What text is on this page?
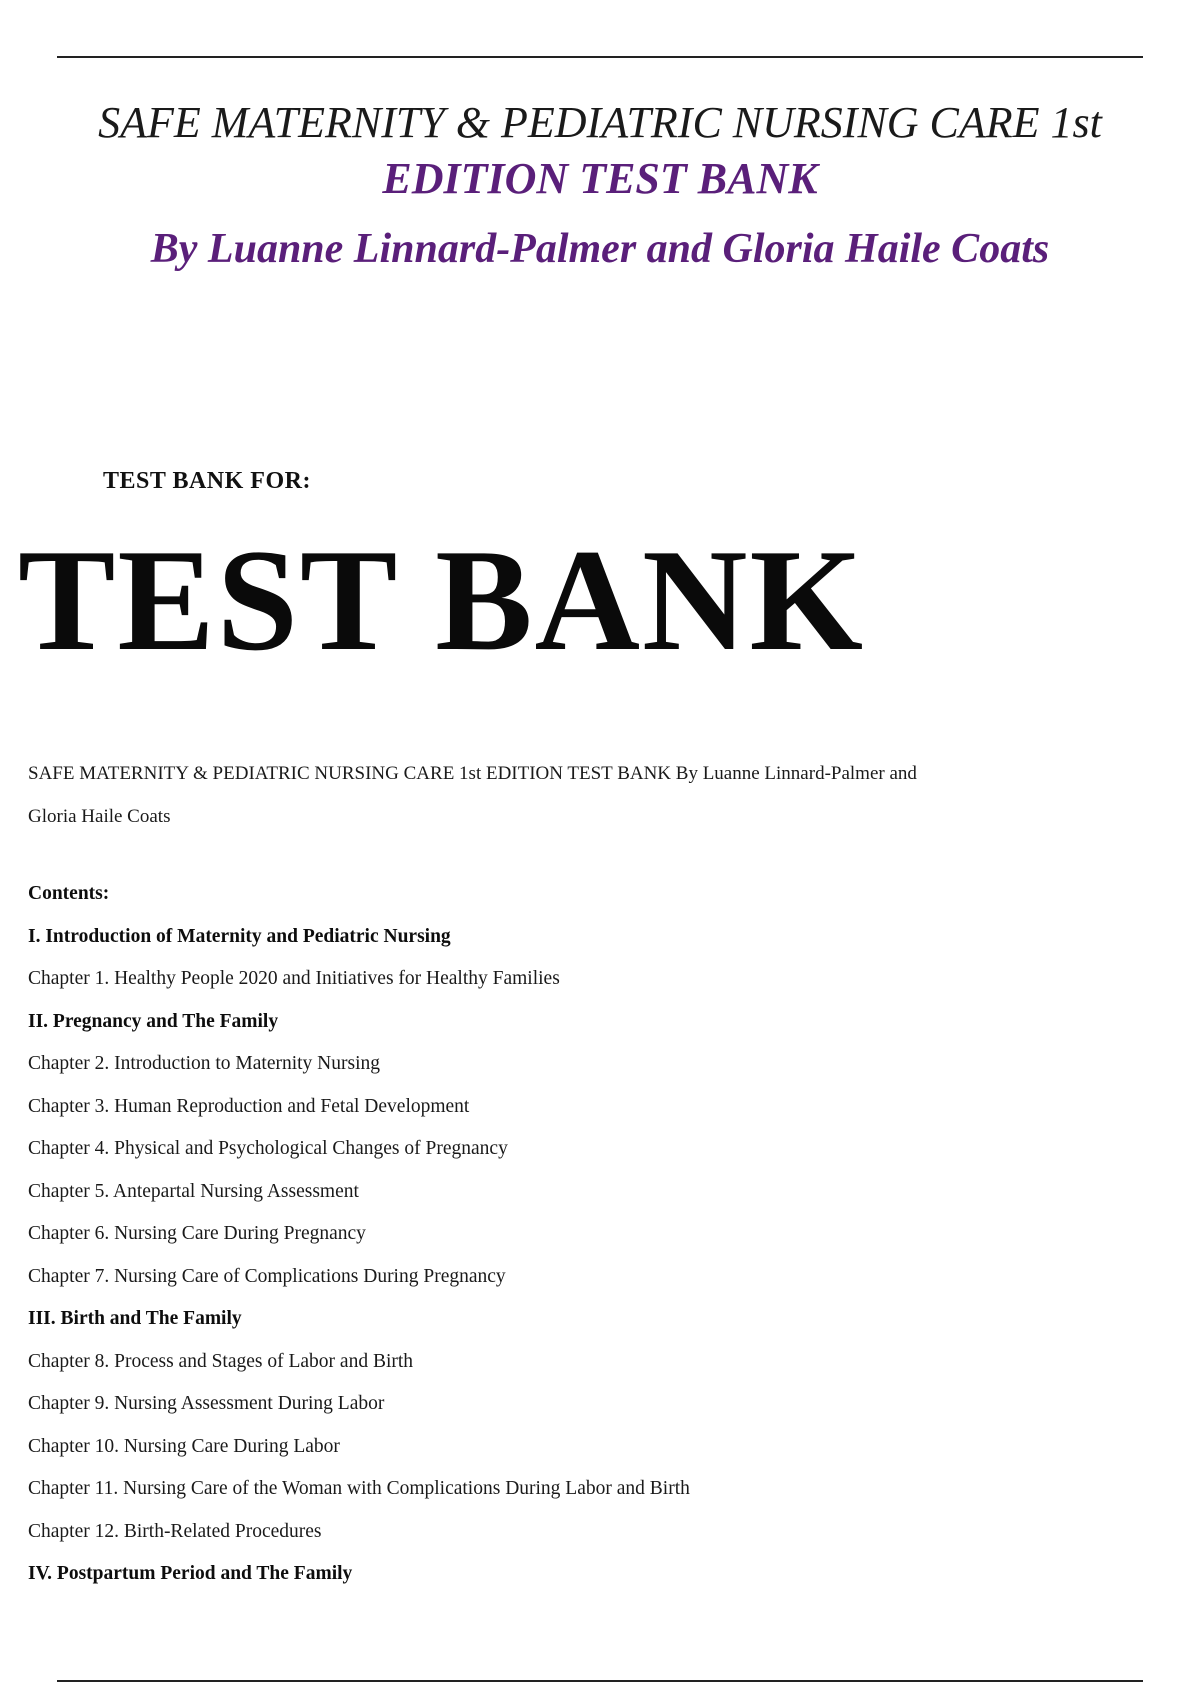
SAFE MATERNITY & PEDIATRIC NURSING CARE 1st
EDITION TEST BANK
By Luanne Linnard-Palmer and Gloria Haile Coats
TEST BANK FOR:
TEST BANK
SAFE MATERNITY & PEDIATRIC NURSING CARE 1st EDITION TEST BANK By Luanne Linnard-Palmer and Gloria Haile Coats
Contents:
I. Introduction of Maternity and Pediatric Nursing
Chapter 1. Healthy People 2020 and Initiatives for Healthy Families
II. Pregnancy and The Family
Chapter 2. Introduction to Maternity Nursing
Chapter 3. Human Reproduction and Fetal Development
Chapter 4. Physical and Psychological Changes of Pregnancy
Chapter 5. Antepartal Nursing Assessment
Chapter 6. Nursing Care During Pregnancy
Chapter 7. Nursing Care of Complications During Pregnancy
III. Birth and The Family
Chapter 8. Process and Stages of Labor and Birth
Chapter 9. Nursing Assessment During Labor
Chapter 10. Nursing Care During Labor
Chapter 11. Nursing Care of the Woman with Complications During Labor and Birth
Chapter 12. Birth-Related Procedures
IV. Postpartum Period and The Family
